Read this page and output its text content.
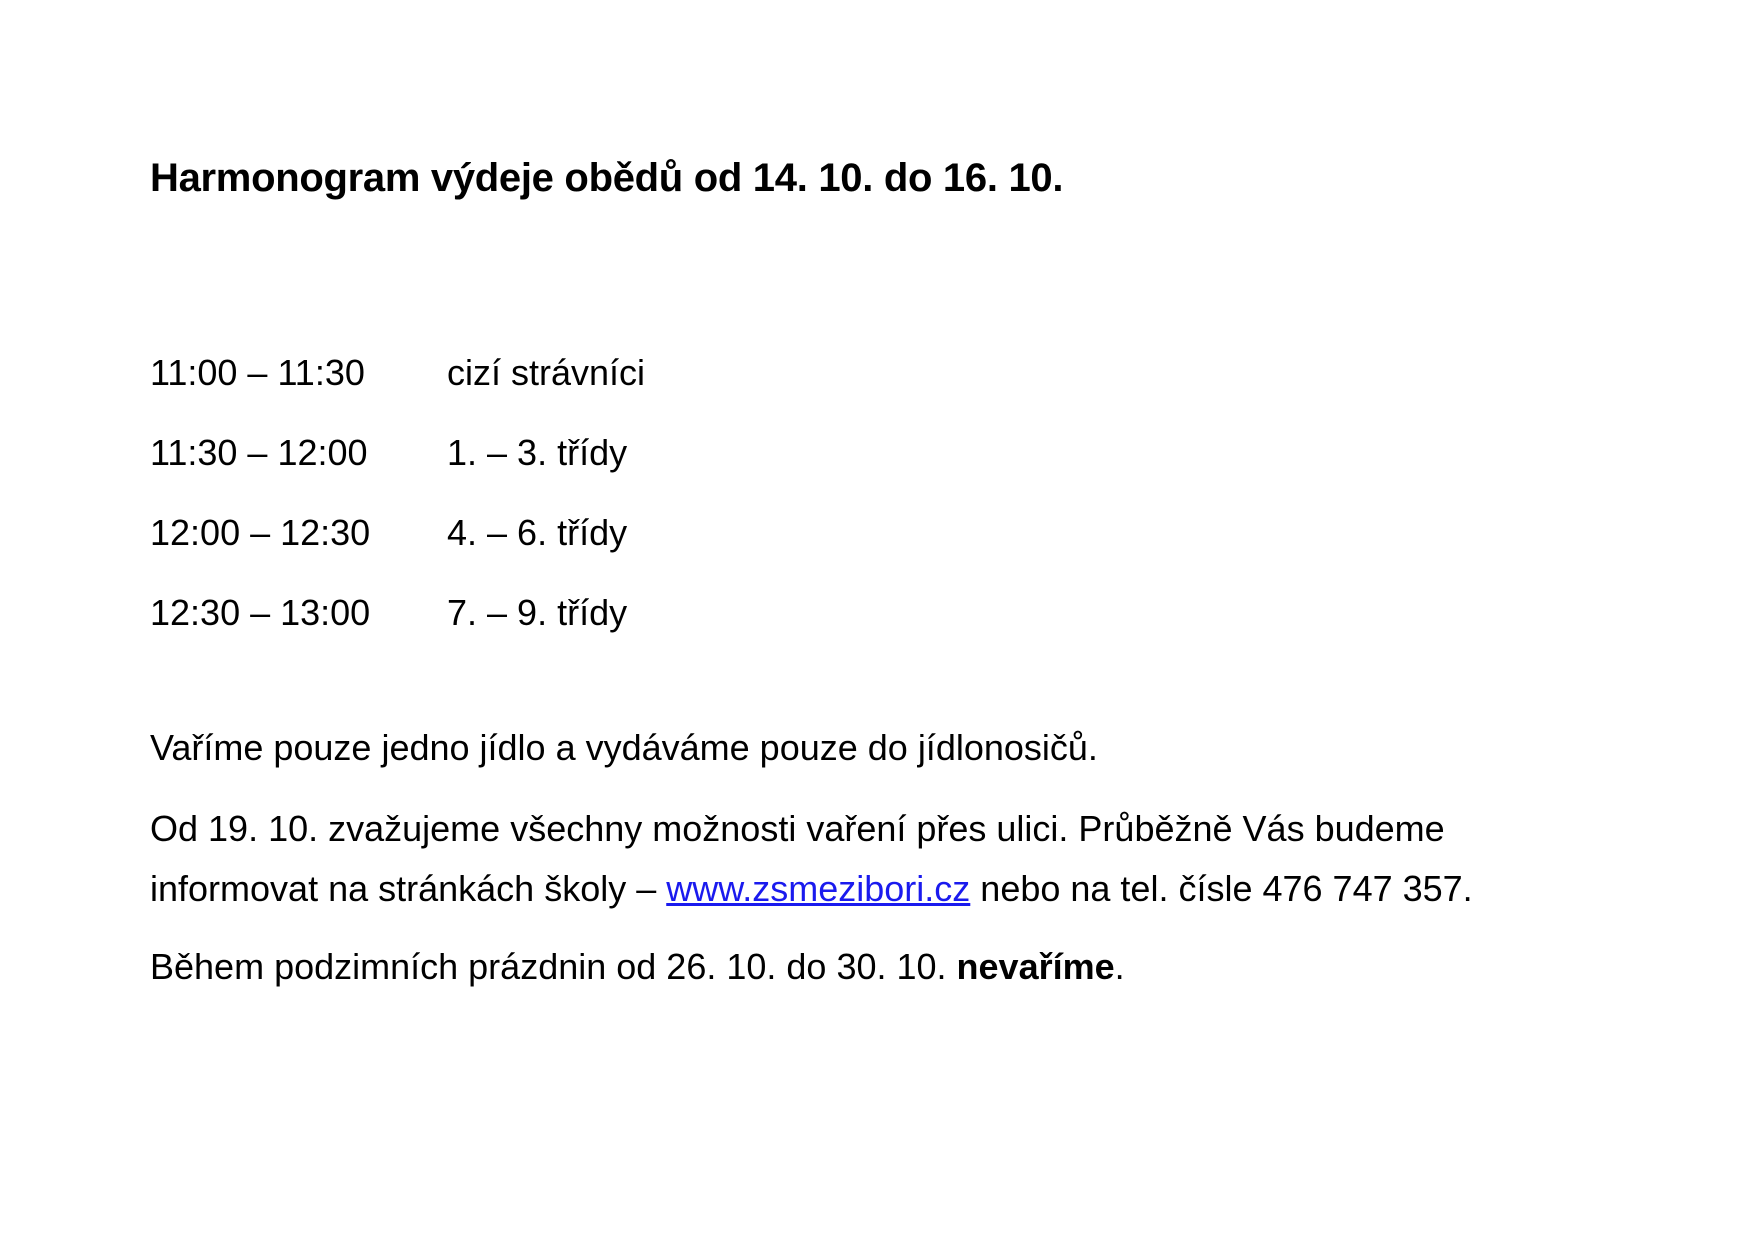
Harmonogram výdeje obědů od 14. 10. do 16. 10.
11:00 – 11:30	cizí strávníci
11:30 – 12:00	1. – 3. třídy
12:00 – 12:30	4. – 6. třídy
12:30 – 13:00	7. – 9. třídy
Vaříme pouze jedno jídlo a vydáváme pouze do jídlonosičů.
Od 19. 10. zvažujeme všechny možnosti vaření přes ulici. Průběžně Vás budeme
informovat na stránkách školy – www.zsmezibori.cz nebo na tel. čísle 476 747 357.
Během podzimních prázdnin od 26. 10. do 30. 10. nevaříme.
